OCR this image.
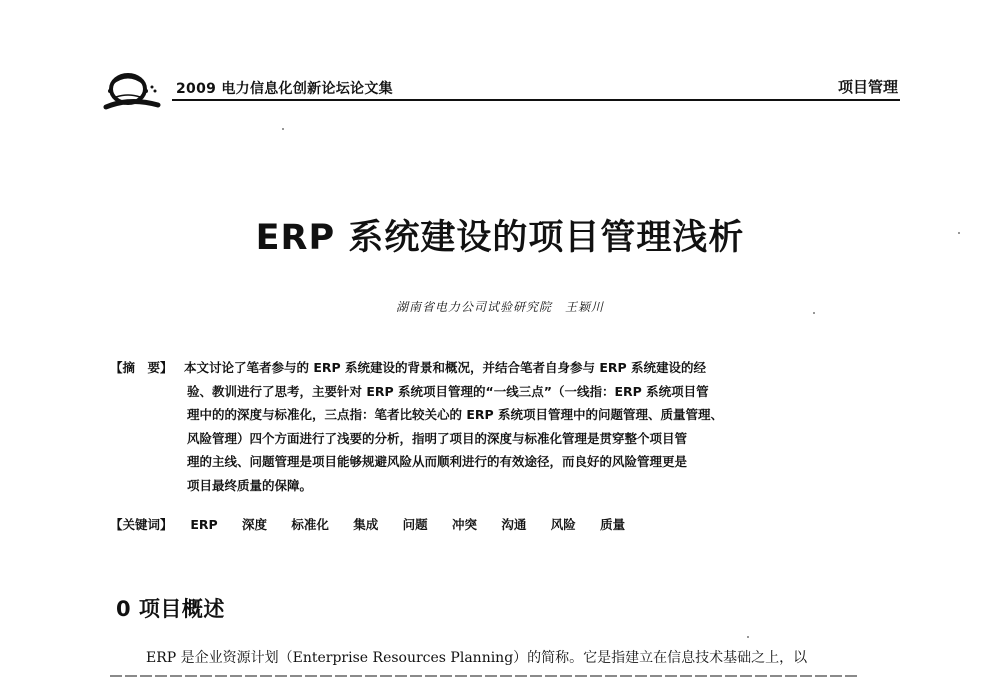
2009 电力信息化创新论坛论文集	项目管理
ERP 系统建设的项目管理浅析
湖南省电力公司试验研究院　王颖川
【摘　要】 本文讨论了笔者参与的 ERP 系统建设的背景和概况，并结合笔者自身参与 ERP 系统建设的经
验、教训进行了思考，主要针对 ERP 系统项目管理的“一线三点”（一线指：ERP 系统项目管
理中的的深度与标准化，三点指：笔者比较关心的 ERP 系统项目管理中的问题管理、质量管理、
风险管理）四个方面进行了浅要的分析，指明了项目的深度与标准化管理是贯穿整个项目管
理的主线、问题管理是项目能够规避风险从而顺利进行的有效途径，而良好的风险管理更是
项目最终质量的保障。
【关键词】 ERP 深度 标准化 集成 问题 冲突 沟通 风险 质量
0 项目概述
ERP 是企业资源计划（Enterprise Resources Planning）的简称。它是指建立在信息技术基础之上，以
